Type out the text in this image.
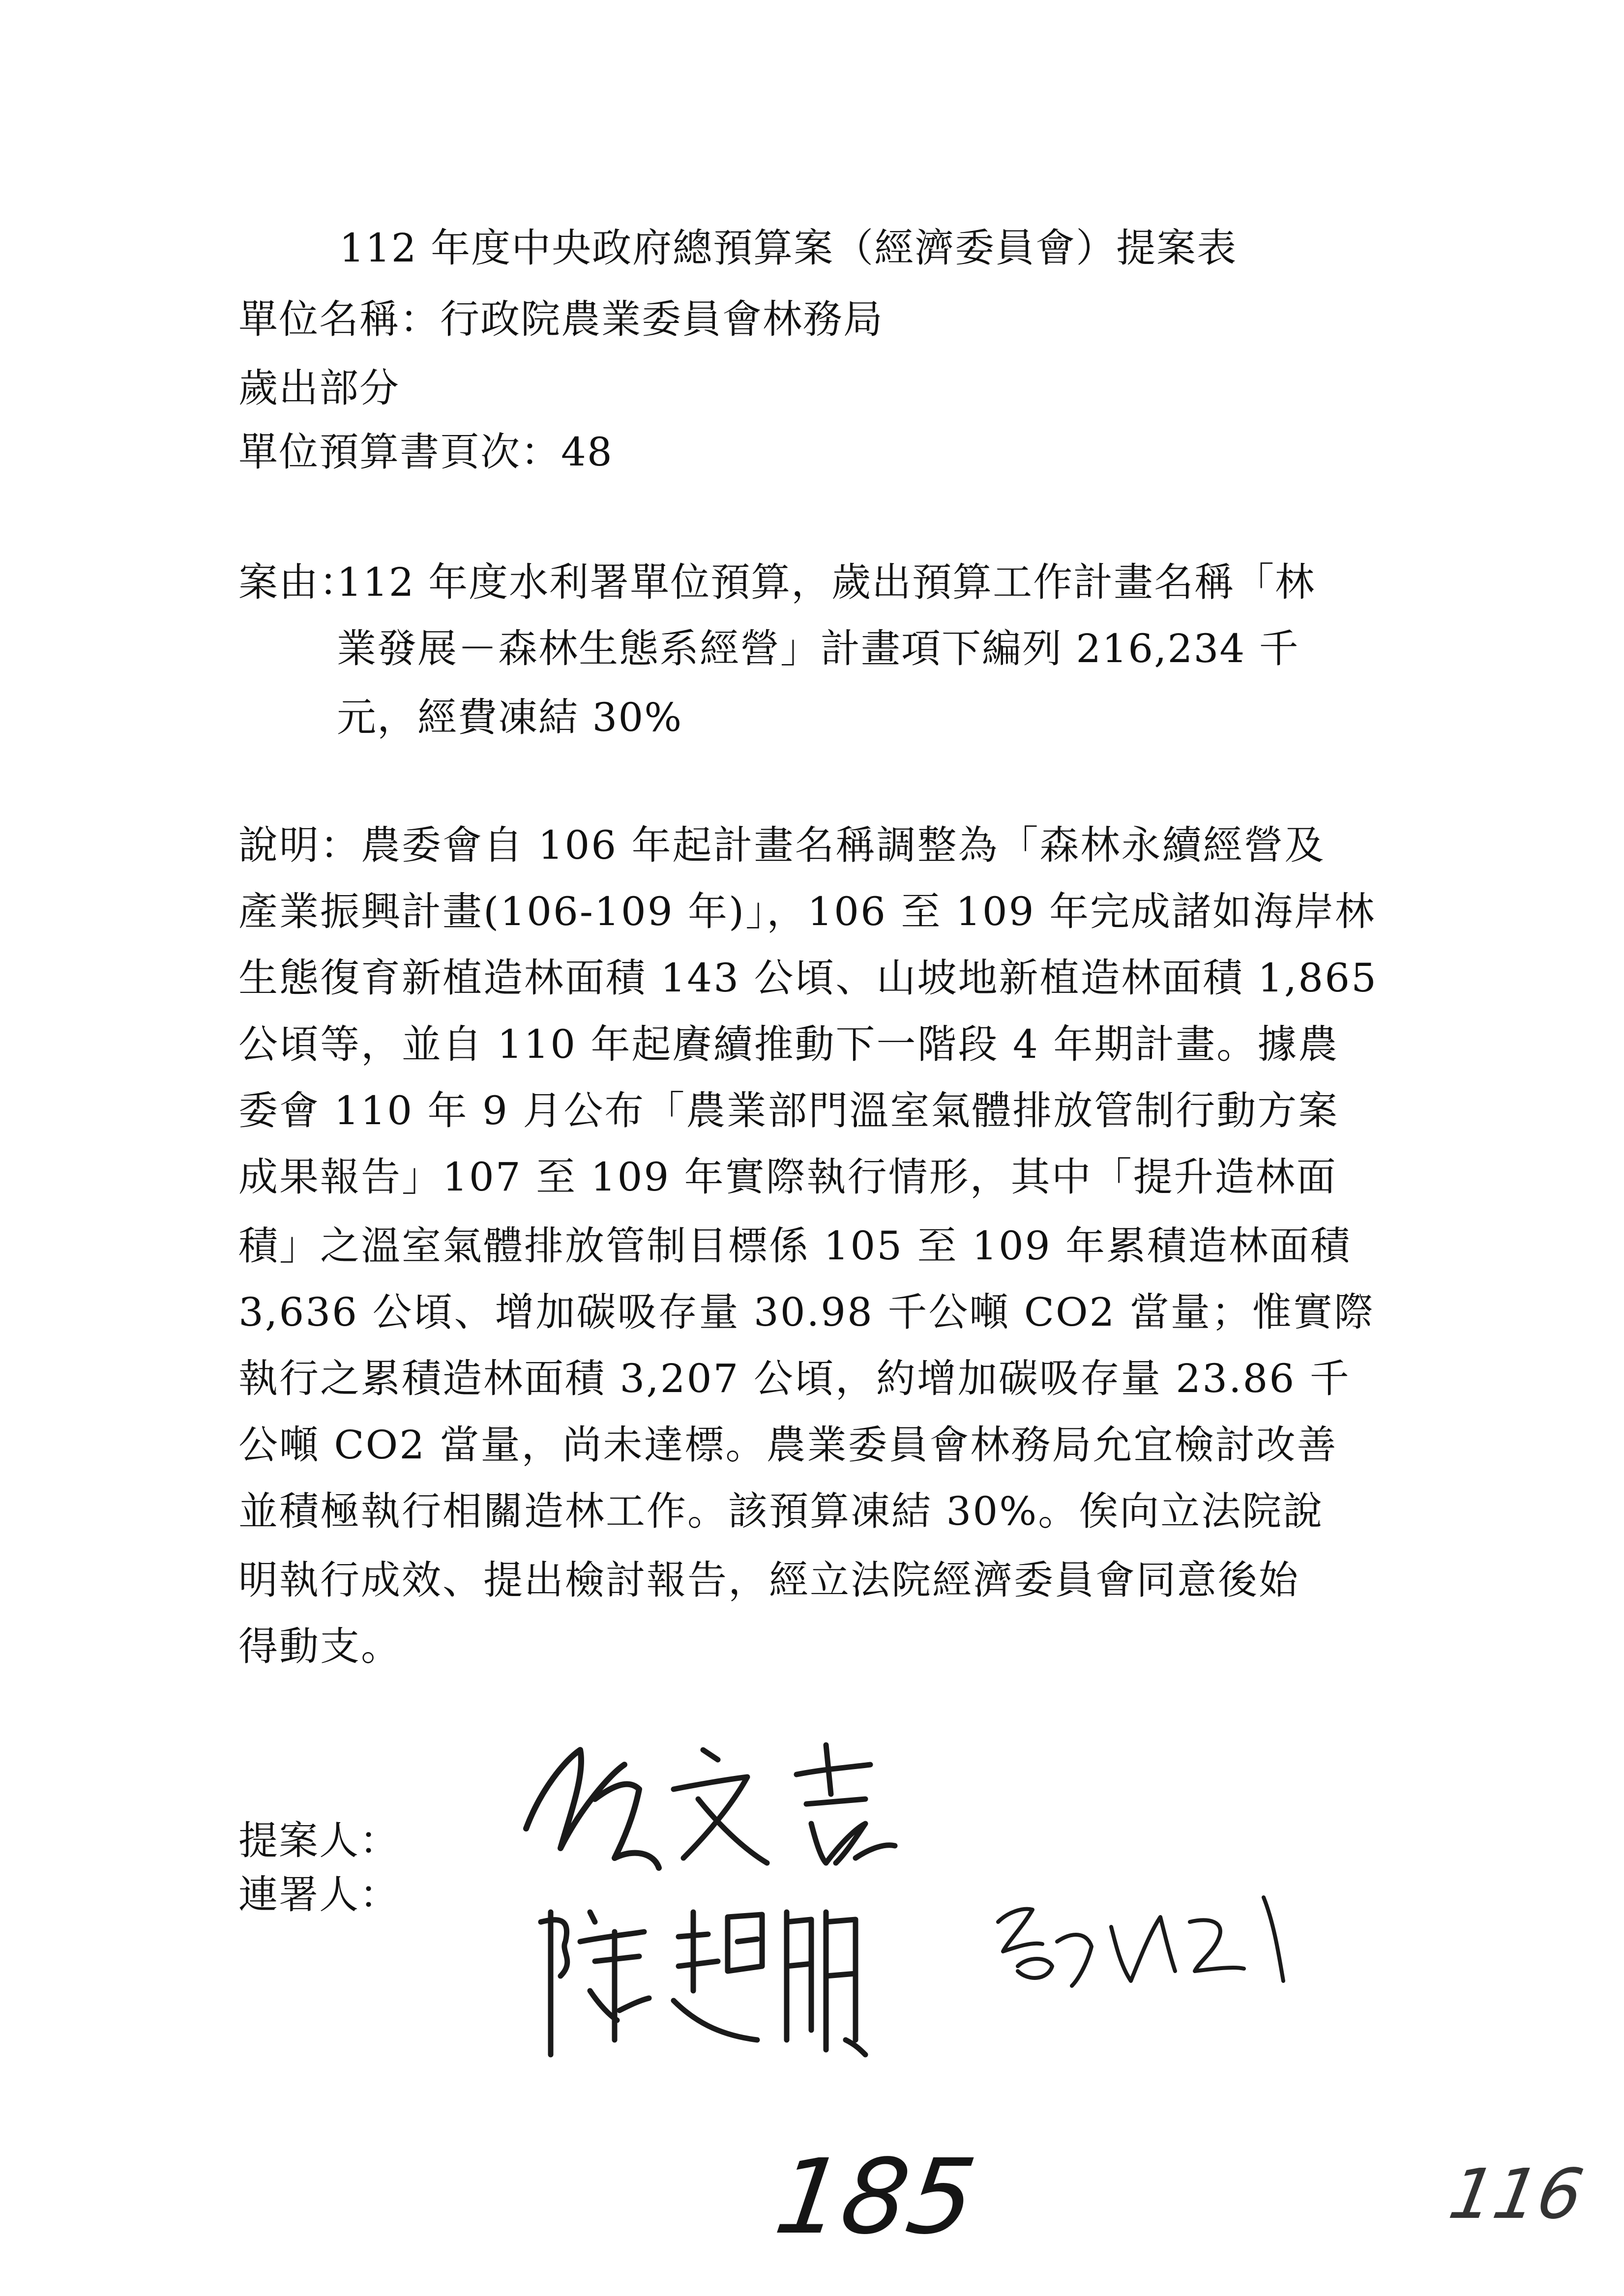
112 年度中央政府總預算案（經濟委員會）提案表
單位名稱：行政院農業委員會林務局
歲出部分
單位預算書頁次：48
案由：
112 年度水利署單位預算，歲出預算工作計畫名稱「林
業發展－森林生態系經營」計畫項下編列 216,234 千
元，經費凍結 30%
說明：農委會自 106 年起計畫名稱調整為「森林永續經營及
產業振興計畫(106-109 年)」，106 至 109 年完成諸如海岸林
生態復育新植造林面積 143 公頃、山坡地新植造林面積 1,865
公頃等，並自 110 年起賡續推動下一階段 4 年期計畫。據農
委會 110 年 9 月公布「農業部門溫室氣體排放管制行動方案
成果報告」107 至 109 年實際執行情形，其中「提升造林面
積」之溫室氣體排放管制目標係 105 至 109 年累積造林面積
3,636 公頃、增加碳吸存量 30.98 千公噸 CO2 當量；惟實際
執行之累積造林面積 3,207 公頃，約增加碳吸存量 23.86 千
公噸 CO2 當量，尚未達標。農業委員會林務局允宜檢討改善
並積極執行相關造林工作。該預算凍結 30%。俟向立法院說
明執行成效、提出檢討報告，經立法院經濟委員會同意後始
得動支。
提案人：
連署人：
185	116
